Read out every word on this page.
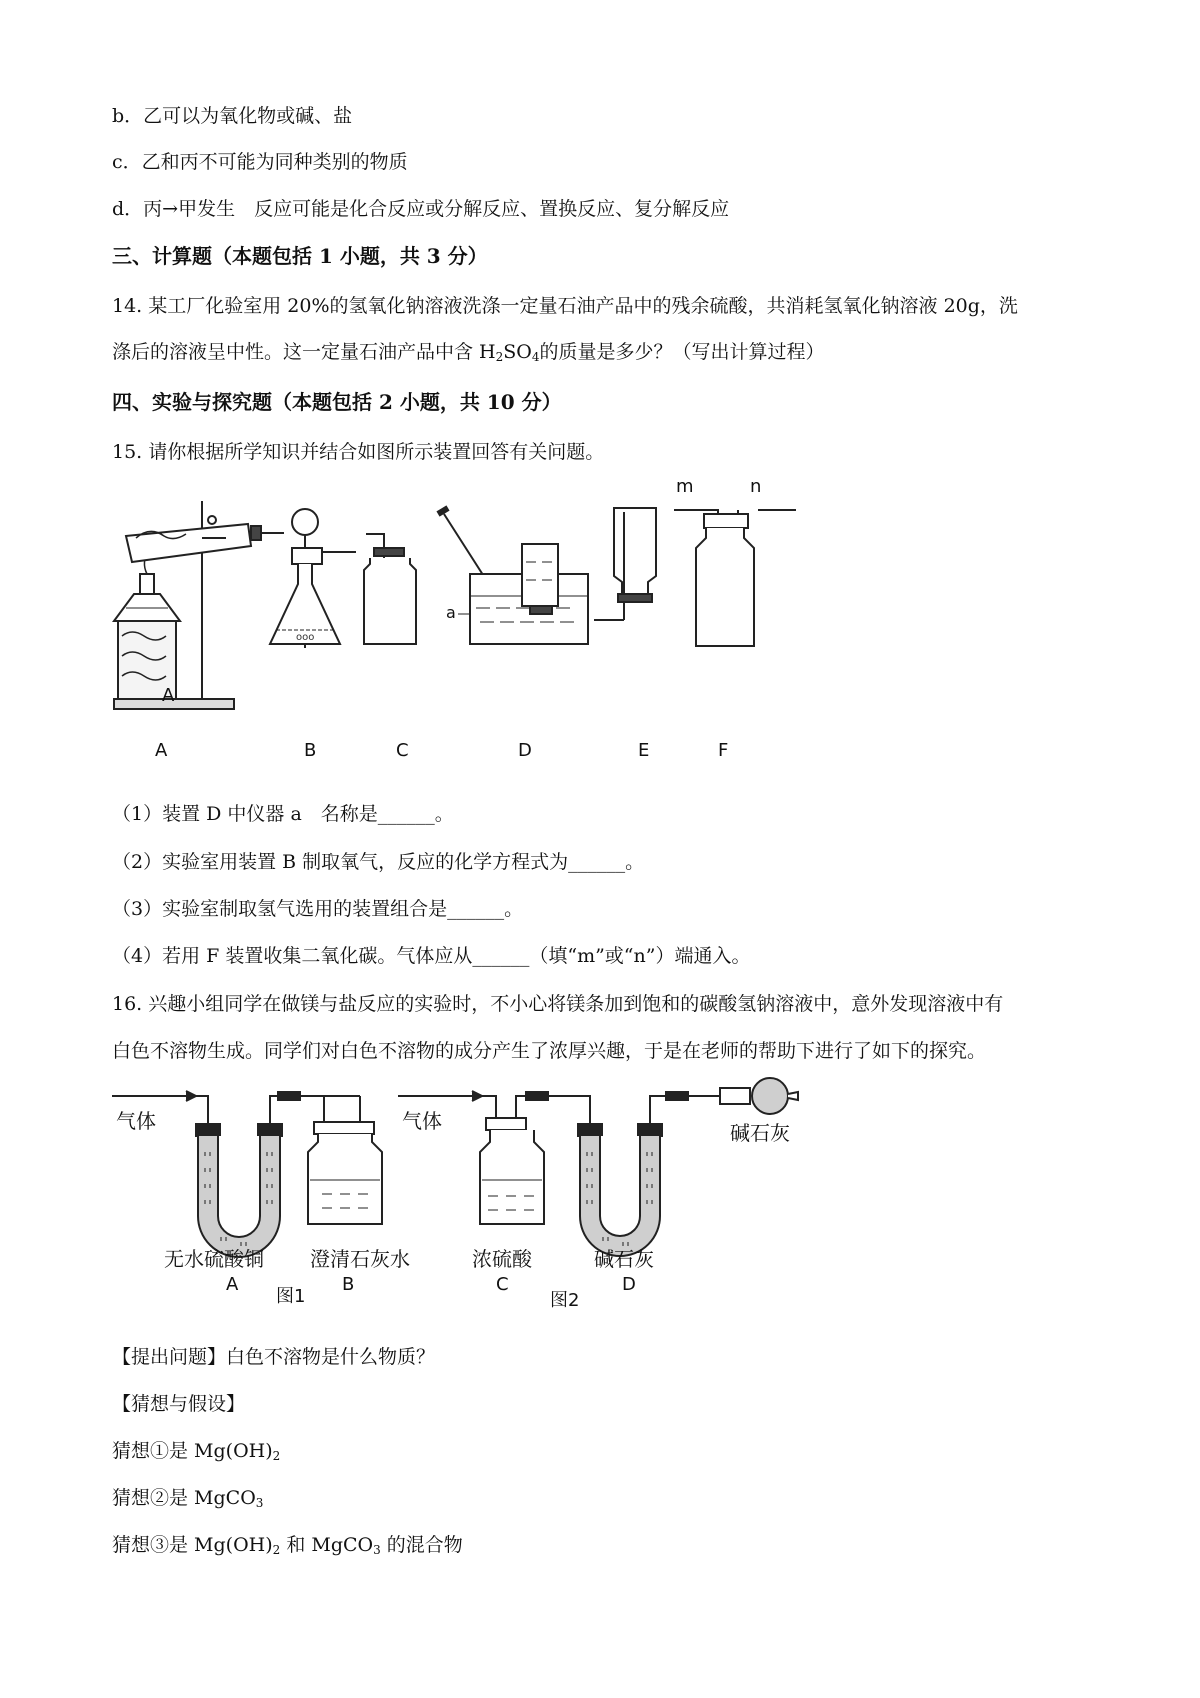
b．乙可以为氧化物或碱、盐
c．乙和丙不可能为同种类别的物质
d．丙→甲发生　反应可能是化合反应或分解反应、置换反应、复分解反应
三、计算题（本题包括 1 小题，共 3 分）
14. 某工厂化验室用 20%的氢氧化钠溶液洗涤一定量石油产品中的残余硫酸，共消耗氢氧化钠溶液 20g，洗
涤后的溶液呈中性。这一定量石油产品中含 $H_2SO_4$的质量是多少？（写出计算过程）
四、实验与探究题（本题包括 2 小题，共 10 分）
15. 请你根据所学知识并结合如图所示装置回答有关问题。
A
ooo
a
m	n
A	B	C	D	E	F
（1）装置 D 中仪器 a　名称是______。
（2）实验室用装置 B 制取氧气，反应的化学方程式为______。
（3）实验室制取氢气选用的装置组合是______。
（4）若用 F 装置收集二氧化碳。气体应从______（填“m”或“n”）端通入。
16. 兴趣小组同学在做镁与盐反应的实验时，不小心将镁条加到饱和的碳酸氢钠溶液中，意外发现溶液中有
白色不溶物生成。同学们对白色不溶物的成分产生了浓厚兴趣，于是在老师的帮助下进行了如下的探究。
气体
无水硫酸铜 澄清石灰水
A	B
图1
气体	碱石灰
浓硫酸	碱石灰
C	D
图2
【提出问题】白色不溶物是什么物质？
【猜想与假设】
猜想①是 $Mg(OH)_2$
猜想②是 MgCO$_3$
猜想③是 $Mg(OH)_2$ 和 MgCO$_3$ 的混合物
